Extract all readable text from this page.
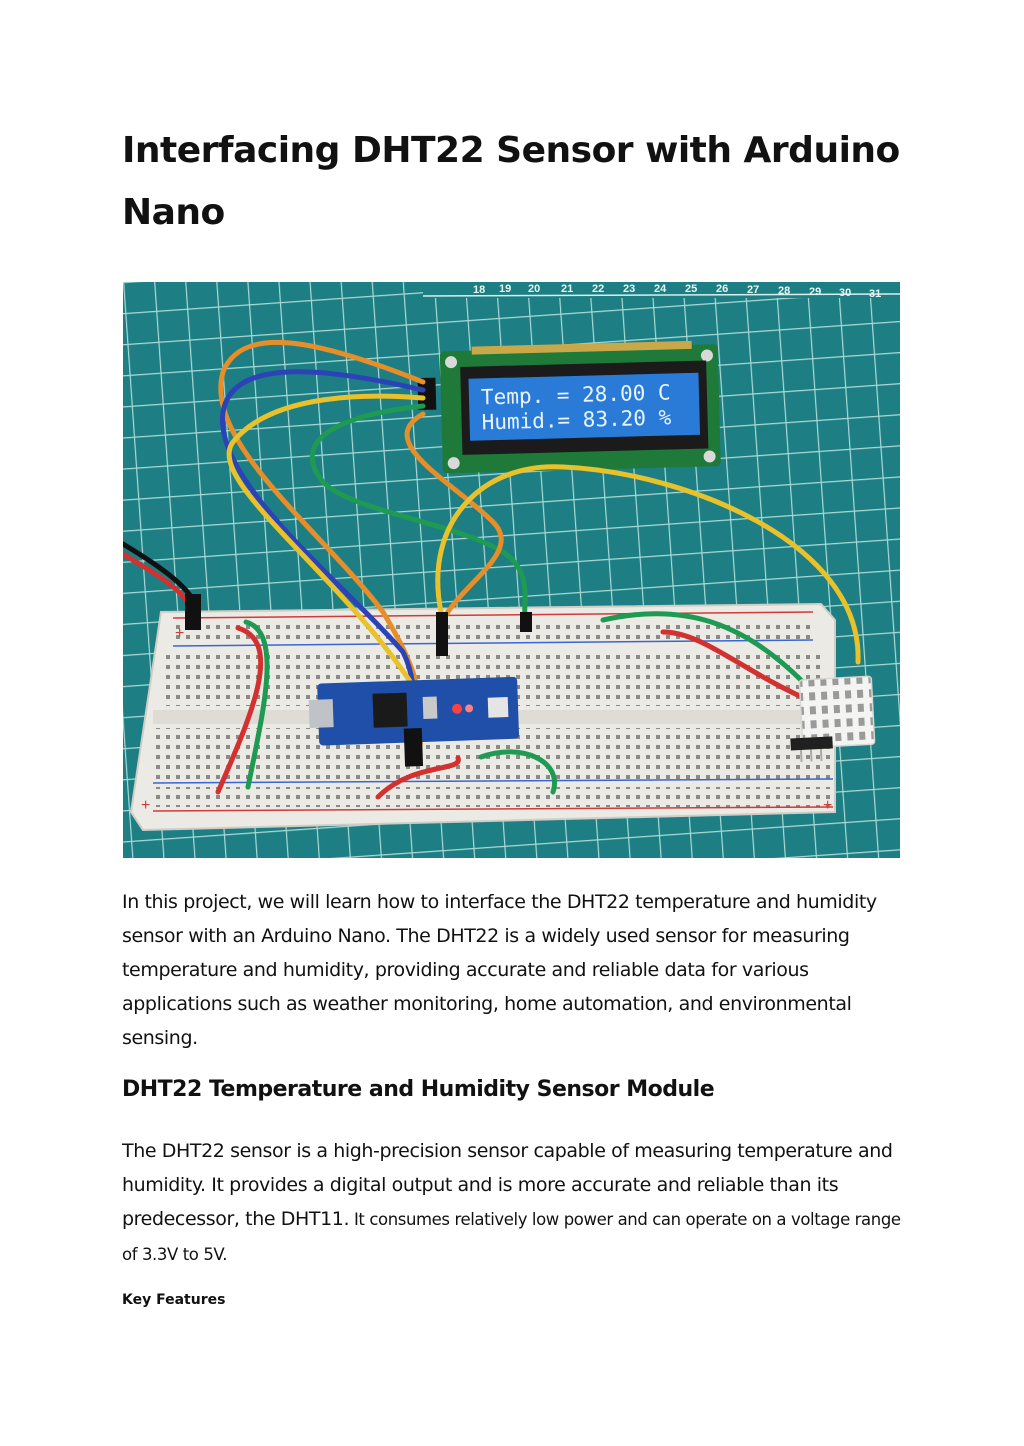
Interfacing DHT22 Sensor with Arduino Nano
18 19 20 21 22 23 24 25 26 27 28 29 30 31
+
+	+
Temp. = 28.00 C
Humid.= 83.20 %

In this project, we will learn how to interface the DHT22 temperature and humidity sensor with an Arduino Nano. The DHT22 is a widely used sensor for measuring temperature and humidity, providing accurate and reliable data for various applications such as weather monitoring, home automation, and environmental sensing.

DHT22 Temperature and Humidity Sensor Module

The DHT22 sensor is a high-precision sensor capable of measuring temperature and humidity. It provides a digital output and is more accurate and reliable than its predecessor, the DHT11. It consumes relatively low power and can operate on a voltage range of 3.3V to 5V.

Key Features
